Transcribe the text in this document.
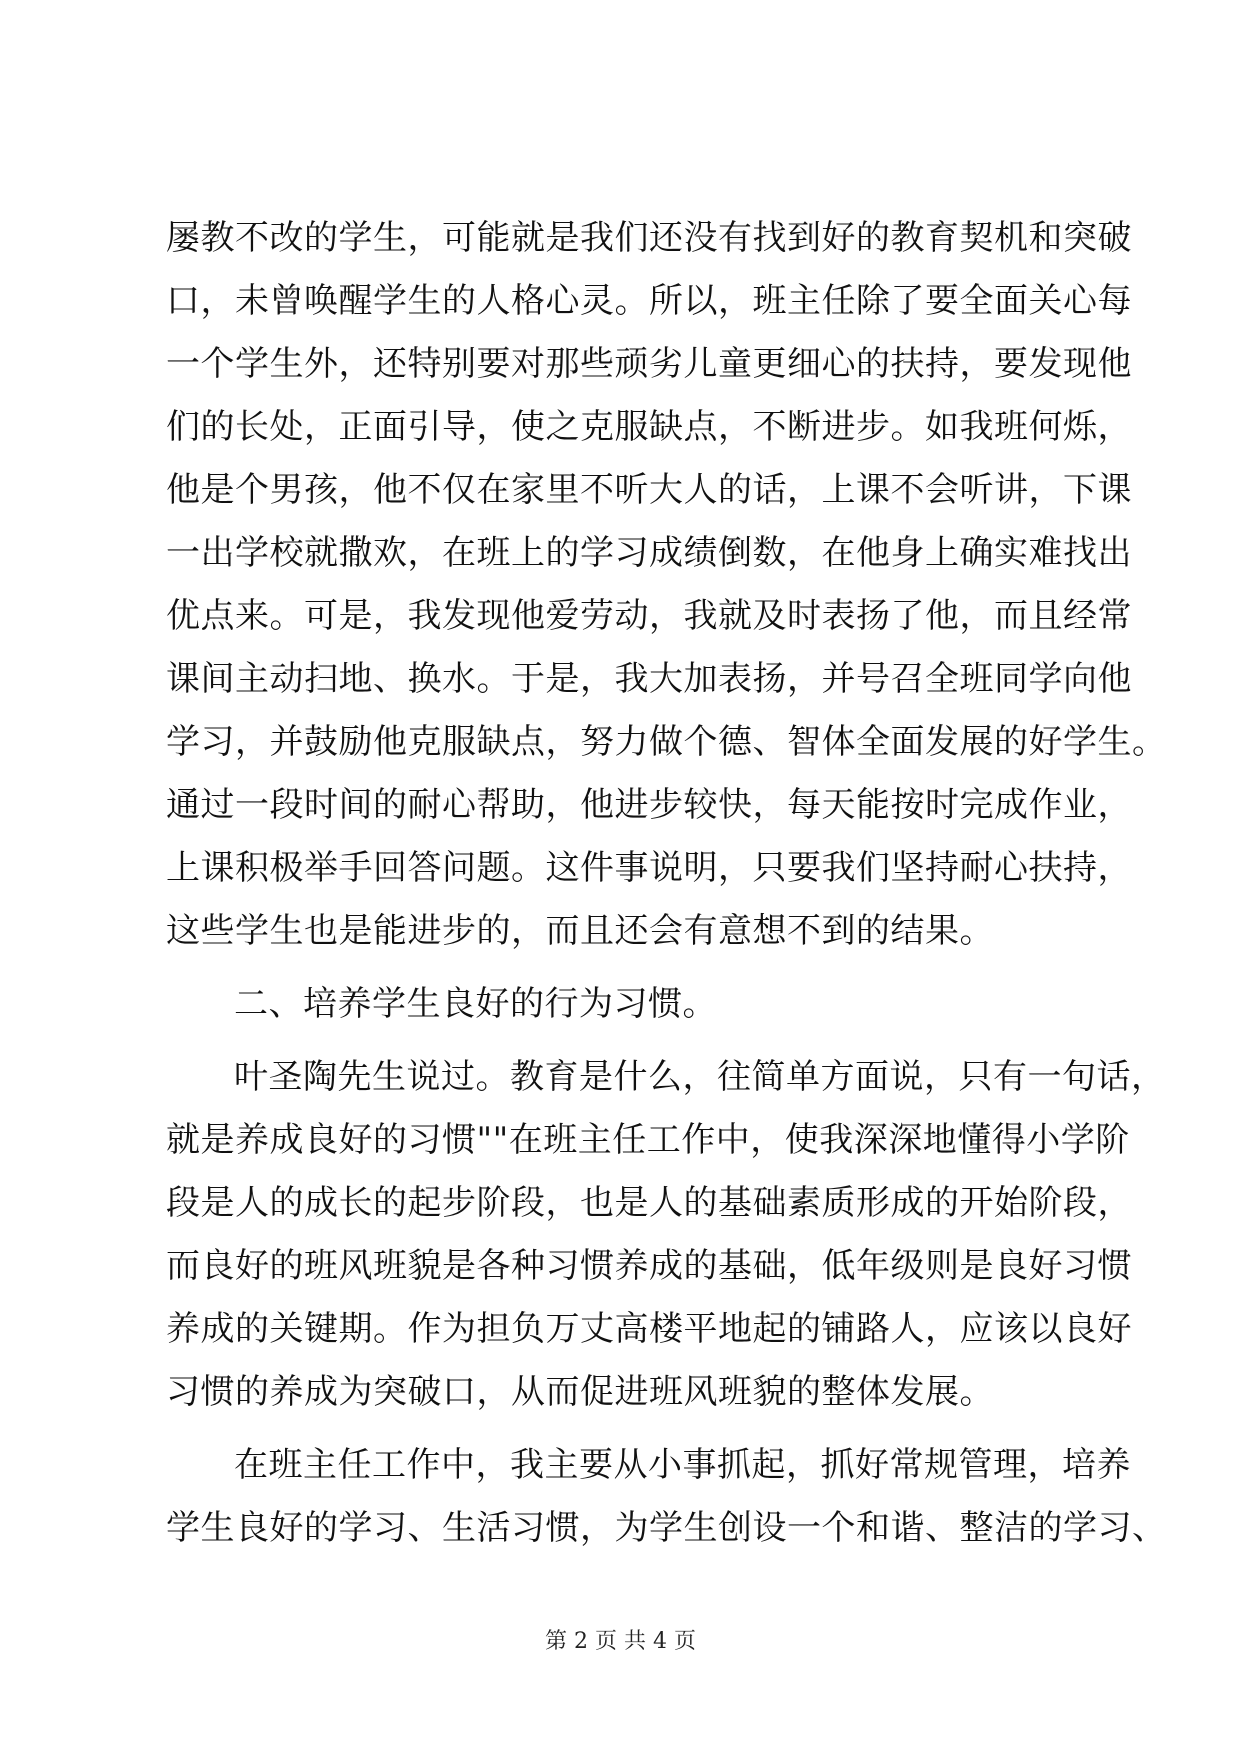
屡教不改的学生，可能就是我们还没有找到好的教育契机和突破
口，未曾唤醒学生的人格心灵。所以，班主任除了要全面关心每
一个学生外，还特别要对那些顽劣儿童更细心的扶持，要发现他
们的长处，正面引导，使之克服缺点，不断进步。如我班何烁，
他是个男孩，他不仅在家里不听大人的话，上课不会听讲，下课
一出学校就撒欢，在班上的学习成绩倒数，在他身上确实难找出
优点来。可是，我发现他爱劳动，我就及时表扬了他，而且经常
课间主动扫地、换水。于是，我大加表扬，并号召全班同学向他
学习，并鼓励他克服缺点，努力做个德、智体全面发展的好学生。
通过一段时间的耐心帮助，他进步较快，每天能按时完成作业，
上课积极举手回答问题。这件事说明，只要我们坚持耐心扶持，
这些学生也是能进步的，而且还会有意想不到的结果。
二、培养学生良好的行为习惯。
叶圣陶先生说过。教育是什么，往简单方面说，只有一句话，
就是养成良好的习惯""在班主任工作中，使我深深地懂得小学阶
段是人的成长的起步阶段，也是人的基础素质形成的开始阶段，
而良好的班风班貌是各种习惯养成的基础，低年级则是良好习惯
养成的关键期。作为担负万丈高楼平地起的铺路人，应该以良好
习惯的养成为突破口，从而促进班风班貌的整体发展。
在班主任工作中，我主要从小事抓起，抓好常规管理，培养
学生良好的学习、生活习惯，为学生创设一个和谐、整洁的学习、
第 2 页 共 4 页
